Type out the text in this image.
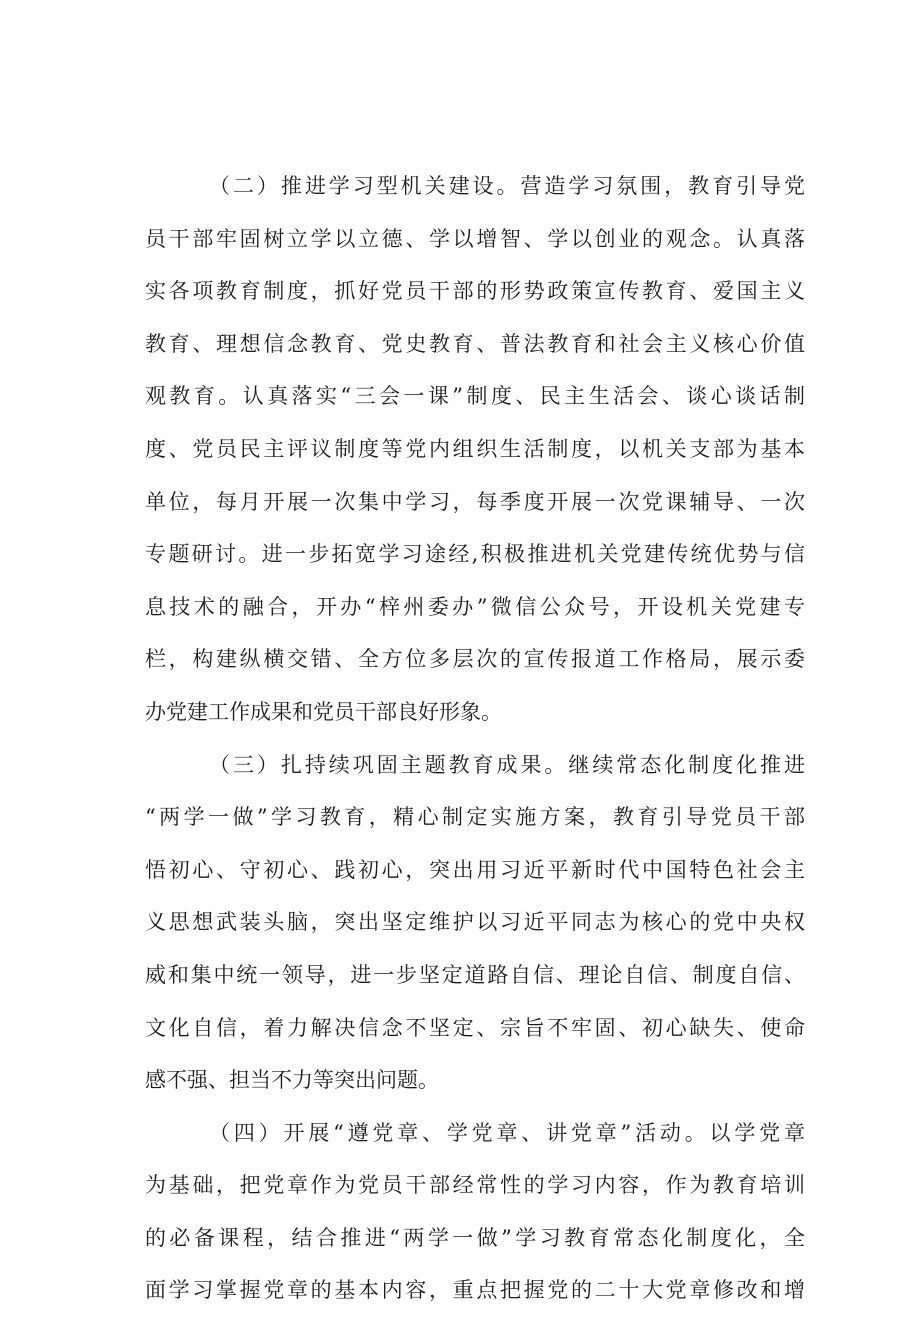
（二）推进学习型机关建设。营造学习氛围，教育引导党
员干部牢固树立学以立德、学以增智、学以创业的观念。认真落
实各项教育制度，抓好党员干部的形势政策宣传教育、爱国主义
教育、理想信念教育、党史教育、普法教育和社会主义核心价值
观教育。认真落实“三会一课”制度、民主生活会、谈心谈话制
度、党员民主评议制度等党内组织生活制度，以机关支部为基本
单位，每月开展一次集中学习，每季度开展一次党课辅导、一次
专题研讨。进一步拓宽学习途经,积极推进机关党建传统优势与信
息技术的融合，开办“梓州委办”微信公众号，开设机关党建专
栏，构建纵横交错、全方位多层次的宣传报道工作格局，展示委
办党建工作成果和党员干部良好形象。
（三）扎持续巩固主题教育成果。继续常态化制度化推进
“两学一做”学习教育，精心制定实施方案，教育引导党员干部
悟初心、守初心、践初心，突出用习近平新时代中国特色社会主
义思想武装头脑，突出坚定维护以习近平同志为核心的党中央权
威和集中统一领导，进一步坚定道路自信、理论自信、制度自信、
文化自信，着力解决信念不坚定、宗旨不牢固、初心缺失、使命
感不强、担当不力等突出问题。
（四）开展“遵党章、学党章、讲党章”活动。以学党章
为基础，把党章作为党员干部经常性的学习内容，作为教育培训
的必备课程，结合推进“两学一做”学习教育常态化制度化，全
面学习掌握党章的基本内容，重点把握党的二十大党章修改和增
